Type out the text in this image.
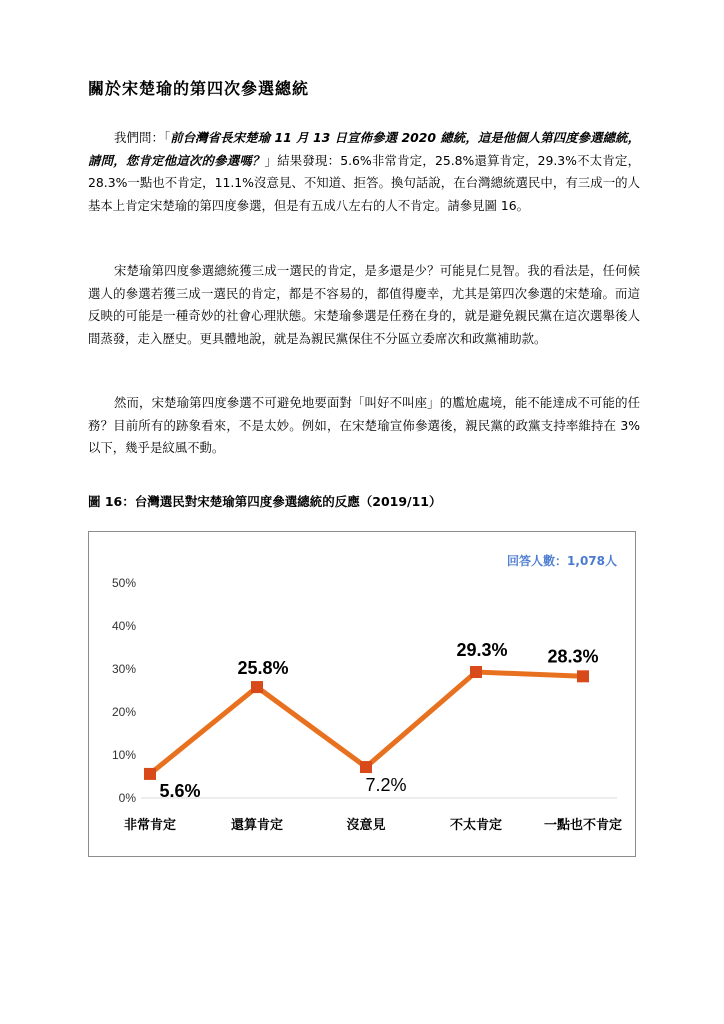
關於宋楚瑜的第四次參選總統

我們問：「前台灣省長宋楚瑜 11 月 13 日宣佈參選 2020 總統，這是他個人第四度參選總統，請問，您肯定他這次的參選嗎？」結果發現：5.6%非常肯定，25.8%還算肯定，29.3%不太肯定，28.3%一點也不肯定，11.1%沒意見、不知道、拒答。換句話說，在台灣總統選民中，有三成一的人基本上肯定宋楚瑜的第四度參選，但是有五成八左右的人不肯定。請參見圖 16。

宋楚瑜第四度參選總統獲三成一選民的肯定，是多還是少？可能見仁見智。我的看法是，任何候選人的參選若獲三成一選民的肯定，都是不容易的，都值得慶幸，尤其是第四次參選的宋楚瑜。而這反映的可能是一種奇妙的社會心理狀態。宋楚瑜參選是任務在身的，就是避免親民黨在這次選舉後人間蒸發，走入歷史。更具體地說，就是為親民黨保住不分區立委席次和政黨補助款。

然而，宋楚瑜第四度參選不可避免地要面對「叫好不叫座」的尷尬處境，能不能達成不可能的任務？目前所有的跡象看來，不是太妙。例如，在宋楚瑜宣佈參選後，親民黨的政黨支持率維持在 3%以下，幾乎是紋風不動。

圖 16：台灣選民對宋楚瑜第四度參選總統的反應（2019/11）
0%
10%
20%
30%
40%
50%
5.6%
25.8%
7.2%
29.3% 28.3%
非常肯定	還算肯定	沒意見	不太肯定	一點也不肯定
回答人數：1,078人
